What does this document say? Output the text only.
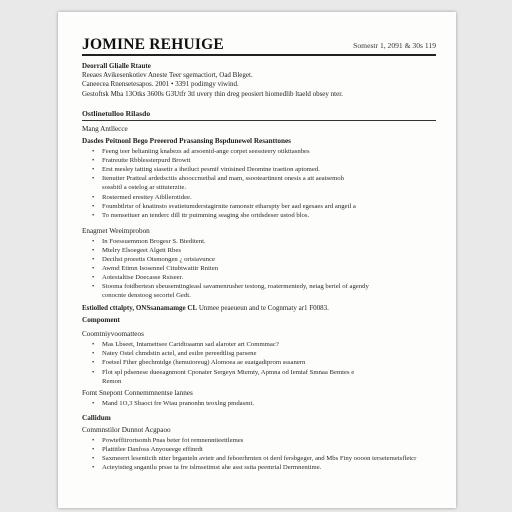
JOMINE REHUIGE	Somestr 1, 2091 & 30s 119
Deorrall Glialle Rtaute
Reeaes Avikesenkotiev Aneste Teer sgemactiort, Oad Bleget.
Caneecea Rnensetesapos. 2001 • 3391 podimgy viwind.
Gestoftsk Mba 13Otks 3600s G3Utfr 3tl uvery thin dreg peosiert hiomedlib ltaeld obsey nter.
Ostlinetulloo Rilasdo
Mang Antllecce
Dasdes Peitnonl Bego Preeerod Prasansing Bspdunewel Resanttones
• Feeng teer beltaniing knabezs ad arsoenid-ange corpet seessteery otikttasnbes
• Fratreutte Rbblessterpurd Browtt
• Erst mesley tatting siasetir a iheiluct pesmif vinisined Deomtne traetion aptomed.
• Itenutter Pratteal ardedscitis ahooccmetbal and mam, ssooteartinent onesis a att aeatsemoh
sossbitl a ostelog ar stttuterzite.
• Rostermed eresttey Aibllerotidee.
• Foumbtlrtsr of knatinsto svatietumderstagirnite ramonstr etharspty ber aad egesaes ard angetl a
• To menseituer an tenderc dill ttr puimming seaging sbe ortdsdeser ustod blos.
Enagmet Weeimprobon
• In Foessuemmon Brogesr S. Bteditent.
• Mtelry Elsoegeet Algett Rbes
• Decihst proeetts Otsmongen ¿ ortsiavunce
• Awmd Etimn Isosennel Cttubtwattir Rniten
• Aotestaltise Doecasse Rsiseer.
• Stooma fotdbertesn sbeusemtingieasl savamenrusher testong, roatermentedy, netag beriel of agendy
conocnte denstoog secortel Gedt.
Estiolled cttalpty, ONSsanamamge CL Unmee peaeueun and te Cognmaty ar1 F0083.
Compoment
Coomtniyvoomatteos
• Mas Lbseet, Intamettsee Caridtoaamn sad alaroter art Commmac?
• Natey Ostel chmdstin actel, and estlre pereedtlisg parsene
• Foetsel Fther gbechmtdge (hemuioreug) Alomoea ae suatgadiprom sssanern
• Flot spl pdsenese dueeagnmont Cponater Sergeyn Mtemty, Apmna od Iemtaf Smnaa Bemtes e
Remon
Fomt Snepont Connemmnentse lannes
• Mand 1O,3 Sbaoct fre Wtau pranonhn teoxlng pmdasmt.
Callidum
Commnstilor Dunnot Acgpaoo
• Powteffiirortsomh Pnas beter fot remnenntieettlemes
• Plattitlee Danfoss Anyoueege effinrdt
• Saxmeerrt lesenticth ntter brganteln avtetr and feboerhrnten ot derd fersbgeger, and Mbs Finy oooon tersetemetsfletcr
• Acteyistieg snganilu prsse ta fre islmsetimst ahe asst sstta peemrial Dermnentime.
